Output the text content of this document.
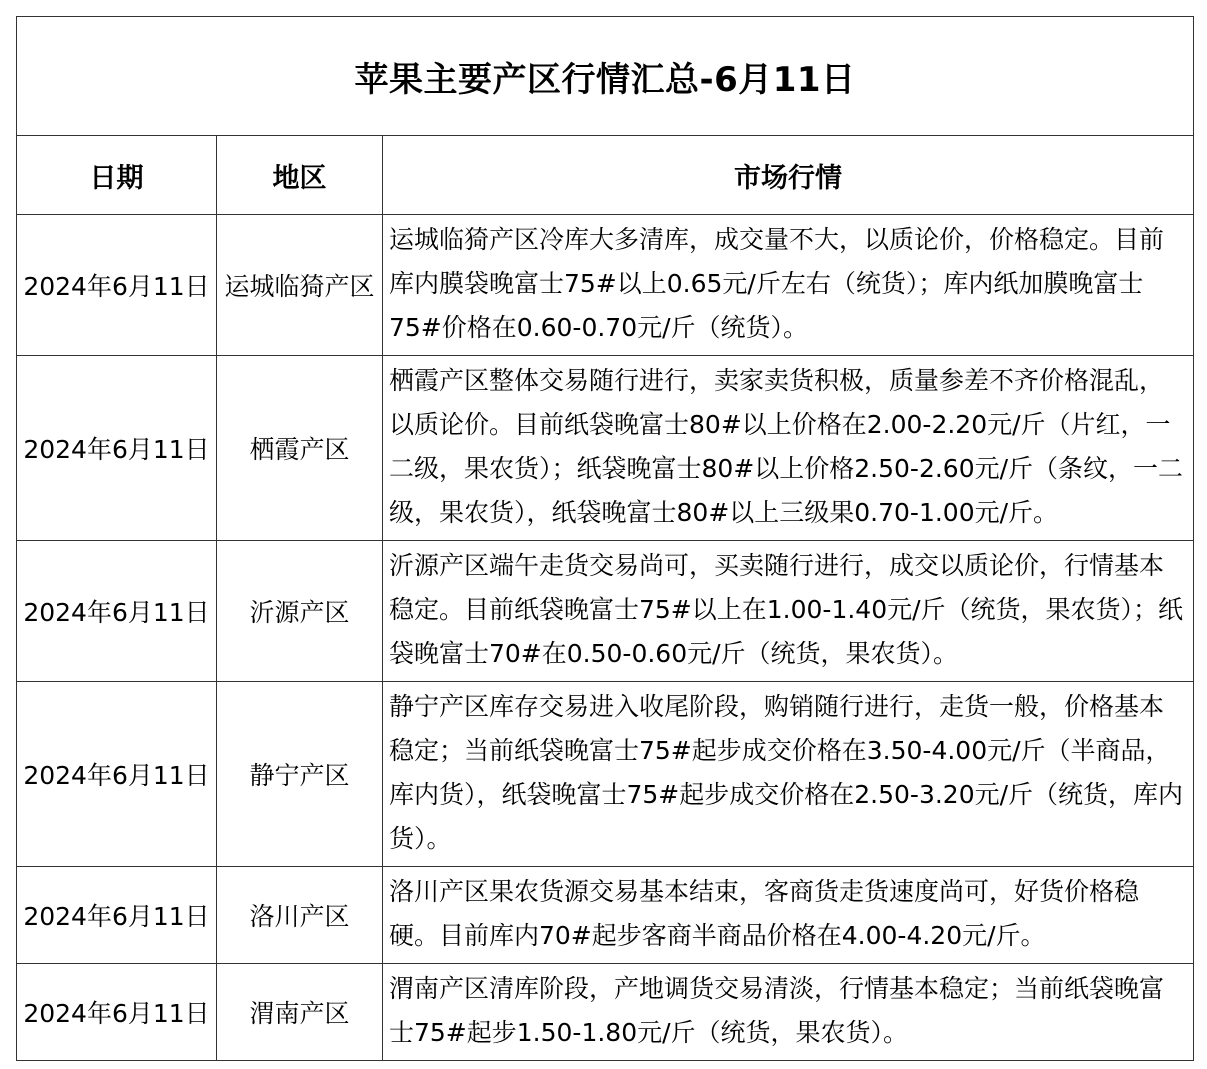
苹果主要产区行情汇总-6月11日		
日期	地区	市场行情
2024年6月11日	运城临猗产区	运城临猗产区冷库大多清库，成交量不大，以质论价，价格稳定。目前库内膜袋晚富士75#以上0.65元/斤左右（统货）；库内纸加膜晚富士75#价格在0.60-0.70元/斤（统货）。
2024年6月11日	栖霞产区	栖霞产区整体交易随行进行，卖家卖货积极，质量参差不齐价格混乱，以质论价。目前纸袋晚富士80#以上价格在2.00-2.20元/斤（片红，一二级，果农货）；纸袋晚富士80#以上价格2.50-2.60元/斤（条纹，一二级，果农货），纸袋晚富士80#以上三级果0.70-1.00元/斤。
2024年6月11日	沂源产区	沂源产区端午走货交易尚可，买卖随行进行，成交以质论价，行情基本稳定。目前纸袋晚富士75#以上在1.00-1.40元/斤（统货，果农货）；纸袋晚富士70#在0.50-0.60元/斤（统货，果农货）。
2024年6月11日	静宁产区	静宁产区库存交易进入收尾阶段，购销随行进行，走货一般，价格基本稳定；当前纸袋晚富士75#起步成交价格在3.50-4.00元/斤（半商品，库内货），纸袋晚富士75#起步成交价格在2.50-3.20元/斤（统货，库内货）。
2024年6月11日	洛川产区	洛川产区果农货源交易基本结束，客商货走货速度尚可，好货价格稳硬。目前库内70#起步客商半商品价格在4.00-4.20元/斤。
2024年6月11日	渭南产区	渭南产区清库阶段，产地调货交易清淡，行情基本稳定；当前纸袋晚富士75#起步1.50-1.80元/斤（统货，果农货）。
